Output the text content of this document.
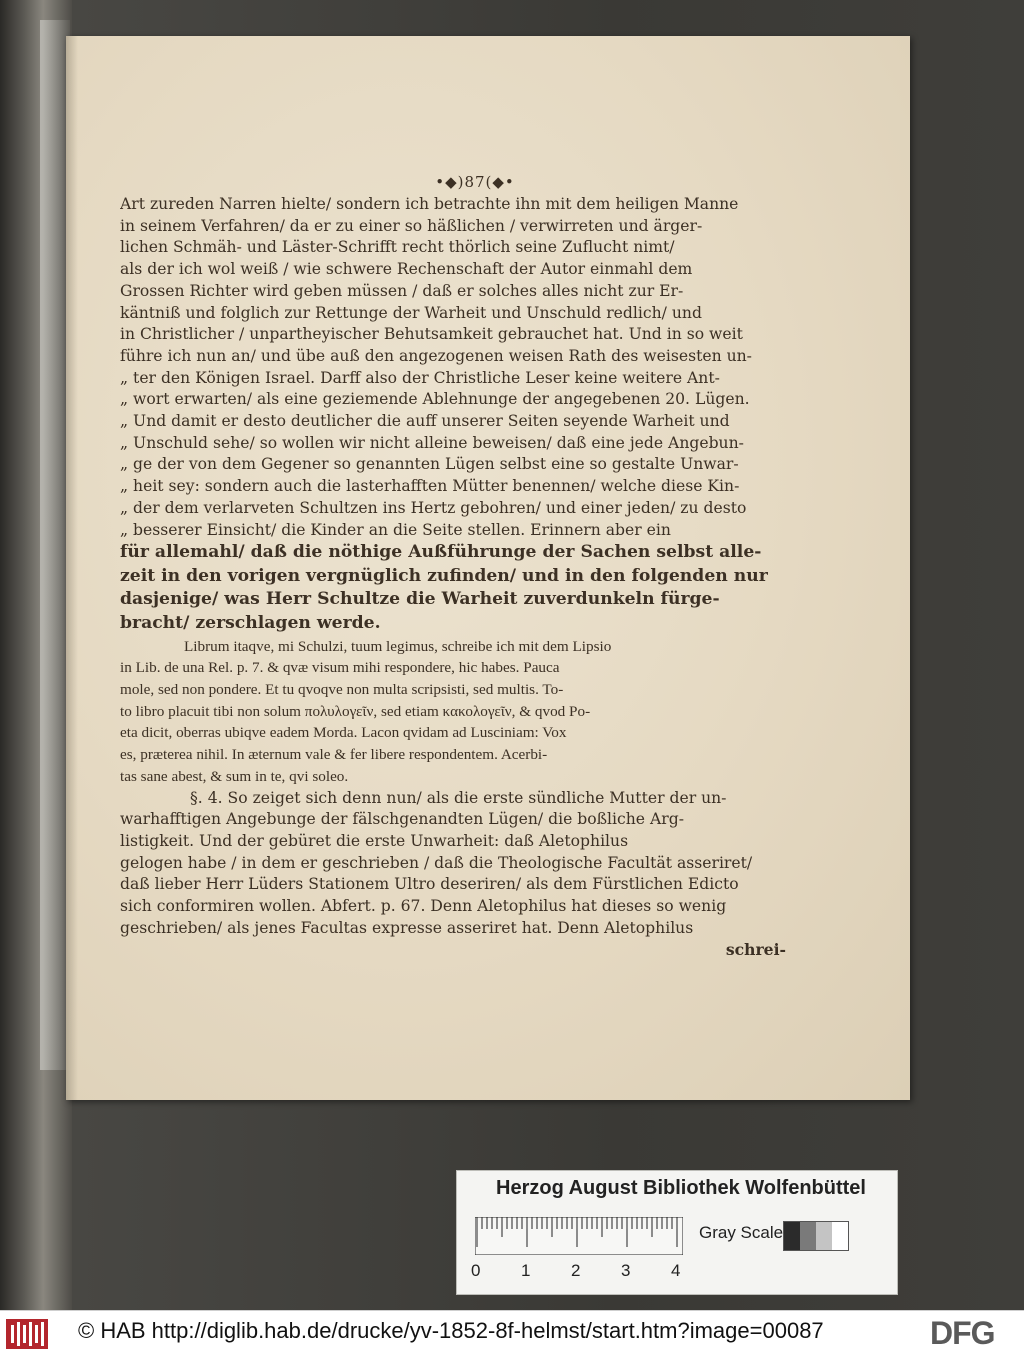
•◆)87(◆•
Art zureden Narren hielte/ sondern ich betrachte ihn mit dem heiligen Manne
in seinem Verfahren/ da er zu einer so häßlichen / verwirreten und ärger-
lichen Schmäh- und Läster-Schrifft recht thörlich seine Zuflucht nimt/
als der ich wol weiß / wie schwere Rechenschaft der Autor einmahl dem
Grossen Richter wird geben müssen / daß er solches alles nicht zur Er-
käntniß und folglich zur Rettunge der Warheit und Unschuld redlich/ und
in Christlicher / unpartheyischer Behutsamkeit gebrauchet hat. Und in so weit
führe ich nun an/ und übe auß den angezogenen weisen Rath des weisesten un-
„ ter den Königen Israel. Darff also der Christliche Leser keine weitere Ant-
„ wort erwarten/ als eine geziemende Ablehnunge der angegebenen 20. Lügen.
„ Und damit er desto deutlicher die auff unserer Seiten seyende Warheit und
„ Unschuld sehe/ so wollen wir nicht alleine beweisen/ daß eine jede Angebun-
„ ge der von dem Gegener so genannten Lügen selbst eine so gestalte Unwar-
„ heit sey: sondern auch die lasterhafften Mütter benennen/ welche diese Kin-
„ der dem verlarveten Schultzen ins Hertz gebohren/ und einer jeden/ zu desto
„ besserer Einsicht/ die Kinder an die Seite stellen. Erinnern aber ein
für allemahl/ daß die nöthige Außführunge der Sachen selbst alle-
zeit in den vorigen vergnüglich zufinden/ und in den folgenden nur
dasjenige/ was Herr Schultze die Warheit zuverdunkeln fürge-
bracht/ zerschlagen werde.
Librum itaqve, mi Schulzi, tuum legimus, schreibe ich mit dem Lipsio
in Lib. de una Rel. p. 7. & qvæ visum mihi respondere, hic habes. Pauca
mole, sed non pondere. Et tu qvoqve non multa scripsisti, sed multis. To-
to libro placuit tibi non solum πολυλογεῖν, sed etiam κακολογεῖν, & qvod Po-
eta dicit, oberras ubiqve eadem Morda. Lacon qvidam ad Lusciniam: Vox
es, præterea nihil. In æternum vale & fer libere respondentem. Acerbi-
tas sane abest, & sum in te, qvi soleo.
§. 4. So zeiget sich denn nun/ als die erste sündliche Mutter der un-
warhafftigen Angebunge der fälschgenandten Lügen/ die boßliche Arg-
listigkeit. Und der gebüret die erste Unwarheit: daß Aletophilus
gelogen habe / in dem er geschrieben / daß die Theologische Facultät asseriret/
daß lieber Herr Lüders Stationem Ultro deseriren/ als dem Fürstlichen Edicto
sich conformiren wollen. Abfert. p. 67. Denn Aletophilus hat dieses so wenig
geschrieben/ als jenes Facultas expresse asseriret hat. Denn Aletophilus
schrei-
Herzog August Bibliothek Wolfenbüttel
0 1 2 3 4
Gray Scale
© HAB http://diglib.hab.de/drucke/yv-1852-8f-helmst/start.htm?image=00087	DFG
